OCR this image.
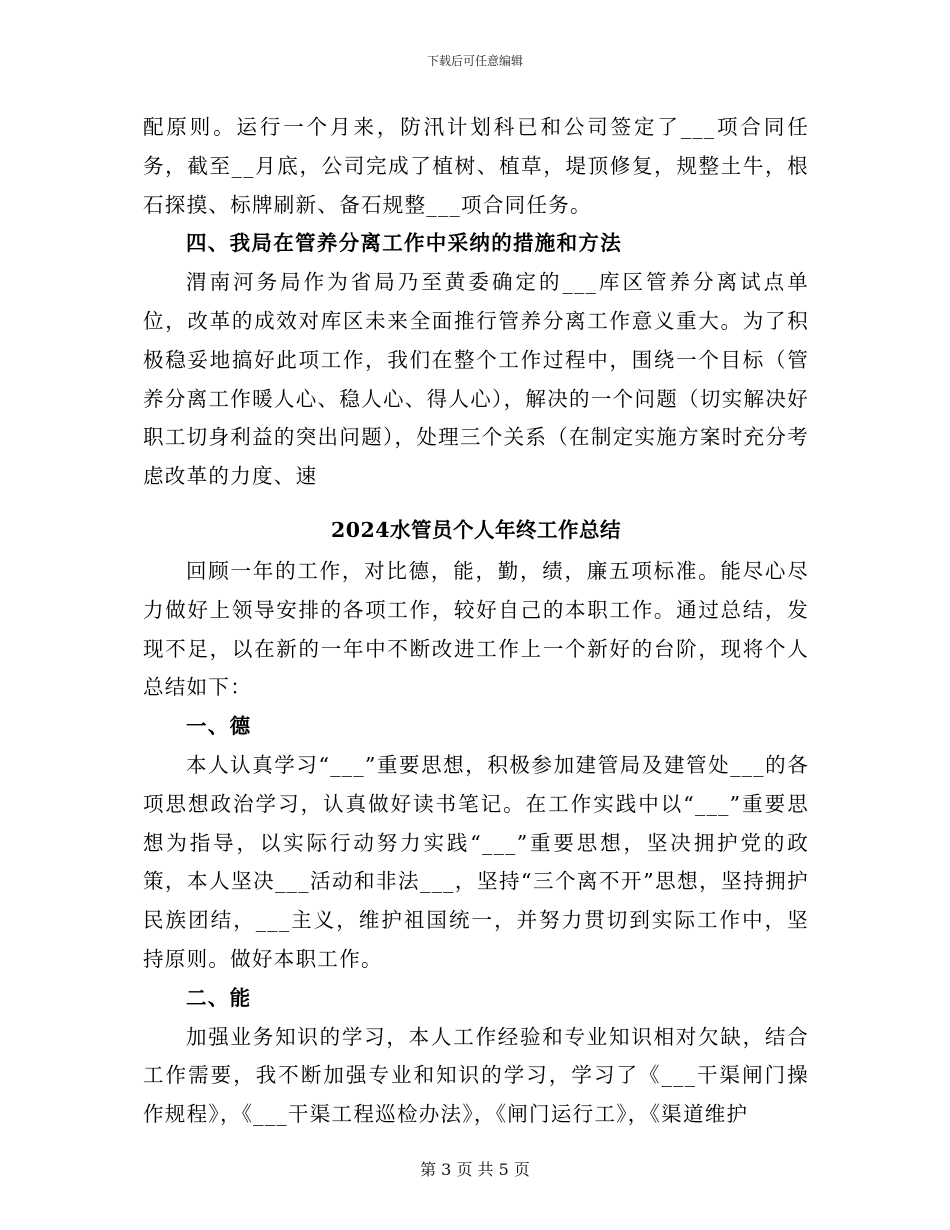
下载后可任意编辑

配原则。运行一个月来，防汛计划科已和公司签定了___项合同任务，截至__月底，公司完成了植树、植草，堤顶修复，规整土牛，根石探摸、标牌刷新、备石规整___项合同任务。

四、我局在管养分离工作中采纳的措施和方法

渭南河务局作为省局乃至黄委确定的___库区管养分离试点单位，改革的成效对库区未来全面推行管养分离工作意义重大。为了积极稳妥地搞好此项工作，我们在整个工作过程中，围绕一个目标（管养分离工作暖人心、稳人心、得人心），解决的一个问题（切实解决好职工切身利益的突出问题），处理三个关系（在制定实施方案时充分考虑改革的力度、速

2024水管员个人年终工作总结

回顾一年的工作，对比德，能，勤，绩，廉五项标准。能尽心尽力做好上领导安排的各项工作，较好自己的本职工作。通过总结，发现不足，以在新的一年中不断改进工作上一个新好的台阶，现将个人总结如下：

一、德

本人认真学习“___”重要思想，积极参加建管局及建管处___的各项思想政治学习，认真做好读书笔记。在工作实践中以“___”重要思想为指导，以实际行动努力实践“___”重要思想，坚决拥护党的政策，本人坚决___活动和非法___，坚持“三个离不开”思想，坚持拥护民族团结，___主义，维护祖国统一，并努力贯切到实际工作中，坚持原则。做好本职工作。

二、能

加强业务知识的学习，本人工作经验和专业知识相对欠缺，结合工作需要，我不断加强专业和知识的学习，学习了《___干渠闸门操作规程》，《___干渠工程巡检办法》，《闸门运行工》，《渠道维护

第 3 页 共 5 页
